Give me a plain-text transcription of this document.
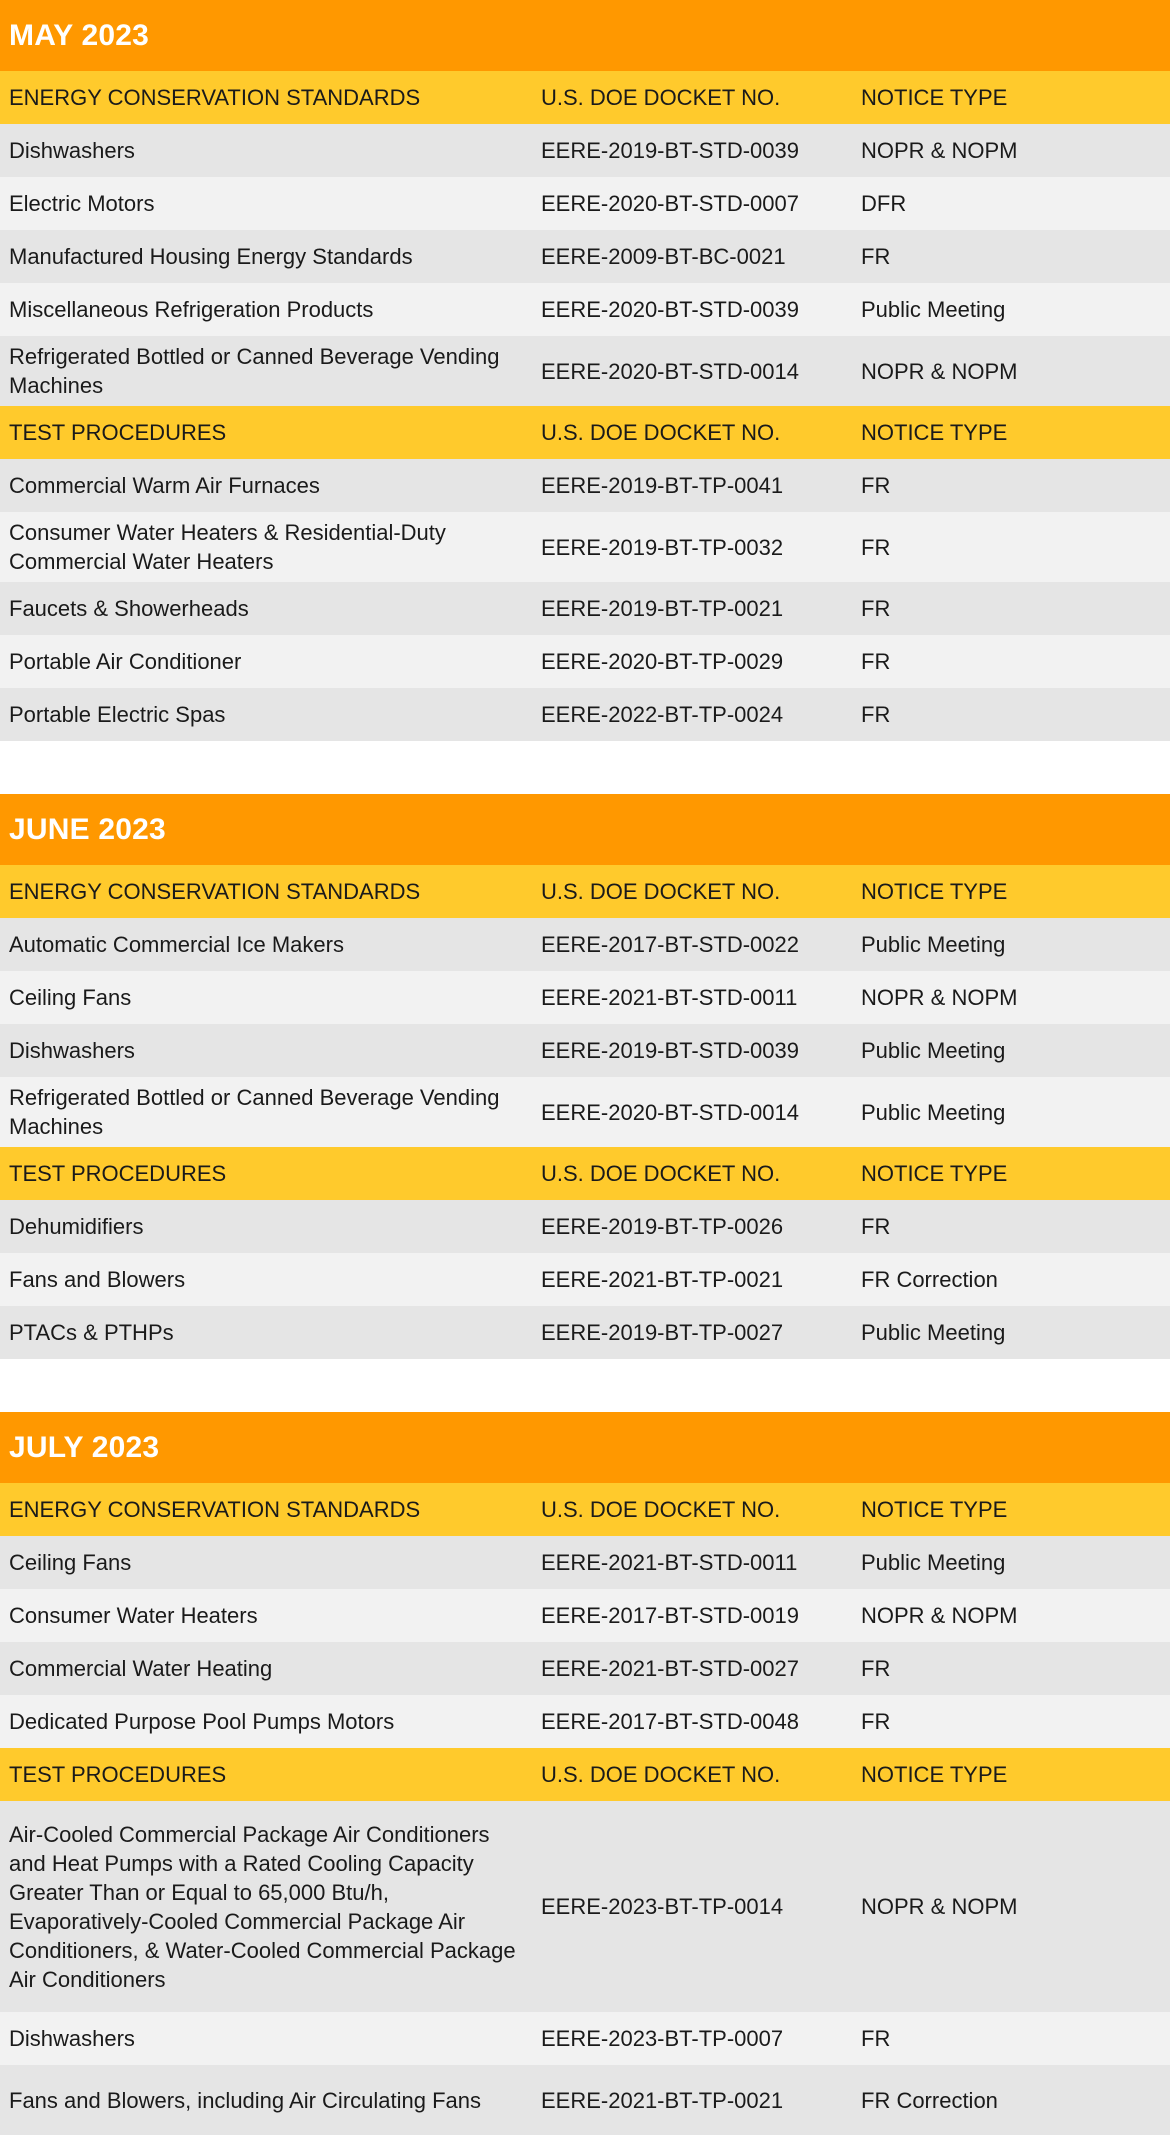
MAY 2023
ENERGY CONSERVATION STANDARDS	U.S. DOE DOCKET NO.	NOTICE TYPE
Dishwashers	EERE-2019-BT-STD-0039	NOPR & NOPM
Electric Motors	EERE-2020-BT-STD-0007	DFR
Manufactured Housing Energy Standards	EERE-2009-BT-BC-0021	FR
Miscellaneous Refrigeration Products	EERE-2020-BT-STD-0039	Public Meeting
Refrigerated Bottled or Canned Beverage Vending Machines	EERE-2020-BT-STD-0014	NOPR & NOPM
TEST PROCEDURES	U.S. DOE DOCKET NO.	NOTICE TYPE
Commercial Warm Air Furnaces	EERE-2019-BT-TP-0041	FR
Consumer Water Heaters & Residential-Duty Commercial Water Heaters	EERE-2019-BT-TP-0032	FR
Faucets & Showerheads	EERE-2019-BT-TP-0021	FR
Portable Air Conditioner	EERE-2020-BT-TP-0029	FR
Portable Electric Spas	EERE-2022-BT-TP-0024	FR
JUNE 2023
ENERGY CONSERVATION STANDARDS	U.S. DOE DOCKET NO.	NOTICE TYPE
Automatic Commercial Ice Makers	EERE-2017-BT-STD-0022	Public Meeting
Ceiling Fans	EERE-2021-BT-STD-0011	NOPR & NOPM
Dishwashers	EERE-2019-BT-STD-0039	Public Meeting
Refrigerated Bottled or Canned Beverage Vending Machines	EERE-2020-BT-STD-0014	Public Meeting
TEST PROCEDURES	U.S. DOE DOCKET NO.	NOTICE TYPE
Dehumidifiers	EERE-2019-BT-TP-0026	FR
Fans and Blowers	EERE-2021-BT-TP-0021	FR Correction
PTACs & PTHPs	EERE-2019-BT-TP-0027	Public Meeting
JULY 2023
ENERGY CONSERVATION STANDARDS	U.S. DOE DOCKET NO.	NOTICE TYPE
Ceiling Fans	EERE-2021-BT-STD-0011	Public Meeting
Consumer Water Heaters	EERE-2017-BT-STD-0019	NOPR & NOPM
Commercial Water Heating	EERE-2021-BT-STD-0027	FR
Dedicated Purpose Pool Pumps Motors	EERE-2017-BT-STD-0048	FR
TEST PROCEDURES	U.S. DOE DOCKET NO.	NOTICE TYPE
Air-Cooled Commercial Package Air Conditioners and Heat Pumps with a Rated Cooling Capacity Greater Than or Equal to 65,000 Btu/h, Evaporatively-Cooled Commercial Package Air Conditioners, & Water-Cooled Commercial Package Air Conditioners	EERE-2023-BT-TP-0014	NOPR & NOPM
Dishwashers	EERE-2023-BT-TP-0007	FR
Fans and Blowers, including Air Circulating Fans	EERE-2021-BT-TP-0021	FR Correction
